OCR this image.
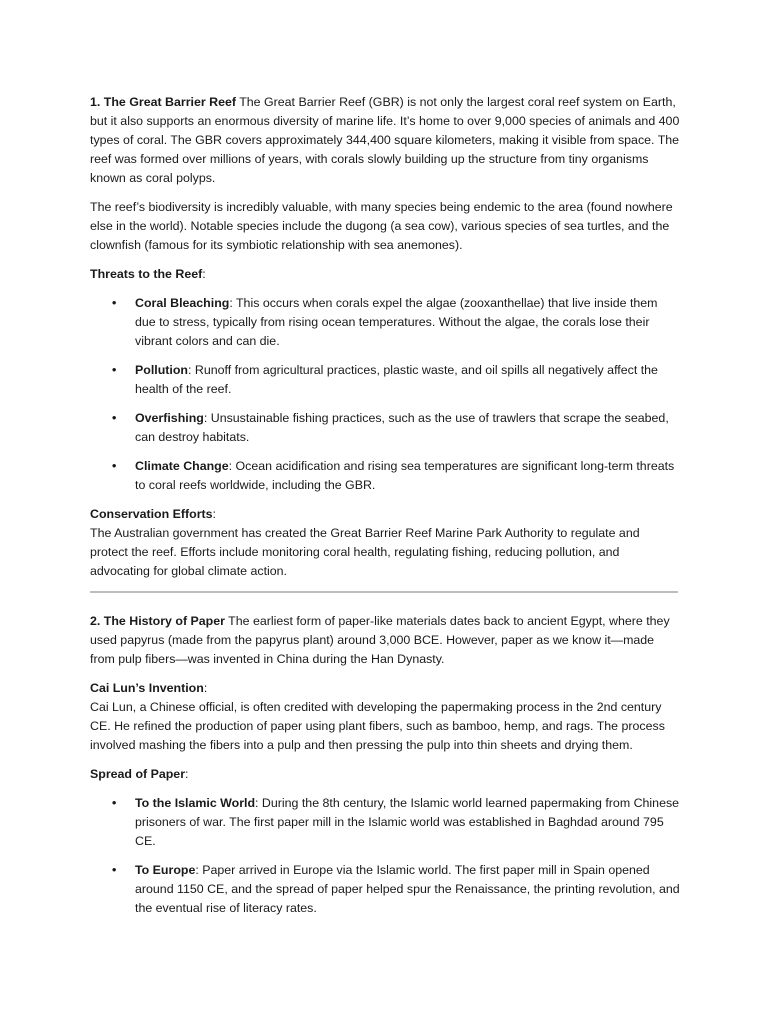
1. The Great Barrier Reef The Great Barrier Reef (GBR) is not only the largest coral reef system on Earth, but it also supports an enormous diversity of marine life. It’s home to over 9,000 species of animals and 400 types of coral. The GBR covers approximately 344,400 square kilometers, making it visible from space. The reef was formed over millions of years, with corals slowly building up the structure from tiny organisms known as coral polyps.

The reef’s biodiversity is incredibly valuable, with many species being endemic to the area (found nowhere else in the world). Notable species include the dugong (a sea cow), various species of sea turtles, and the clownfish (famous for its symbiotic relationship with sea anemones).

Threats to the Reef:

• Coral Bleaching: This occurs when corals expel the algae (zooxanthellae) that live inside them due to stress, typically from rising ocean temperatures. Without the algae, the corals lose their vibrant colors and can die.
• Pollution: Runoff from agricultural practices, plastic waste, and oil spills all negatively affect the health of the reef.
• Overfishing: Unsustainable fishing practices, such as the use of trawlers that scrape the seabed, can destroy habitats.
• Climate Change: Ocean acidification and rising sea temperatures are significant long-term threats to coral reefs worldwide, including the GBR.

Conservation Efforts:

The Australian government has created the Great Barrier Reef Marine Park Authority to regulate and protect the reef. Efforts include monitoring coral health, regulating fishing, reducing pollution, and advocating for global climate action.

2. The History of Paper The earliest form of paper-like materials dates back to ancient Egypt, where they used papyrus (made from the papyrus plant) around 3,000 BCE. However, paper as we know it—made from pulp fibers—was invented in China during the Han Dynasty.

Cai Lun’s Invention:

Cai Lun, a Chinese official, is often credited with developing the papermaking process in the 2nd century CE. He refined the production of paper using plant fibers, such as bamboo, hemp, and rags. The process involved mashing the fibers into a pulp and then pressing the pulp into thin sheets and drying them.

Spread of Paper:

• To the Islamic World: During the 8th century, the Islamic world learned papermaking from Chinese prisoners of war. The first paper mill in the Islamic world was established in Baghdad around 795 CE.
• To Europe: Paper arrived in Europe via the Islamic world. The first paper mill in Spain opened around 1150 CE, and the spread of paper helped spur the Renaissance, the printing revolution, and the eventual rise of literacy rates.
